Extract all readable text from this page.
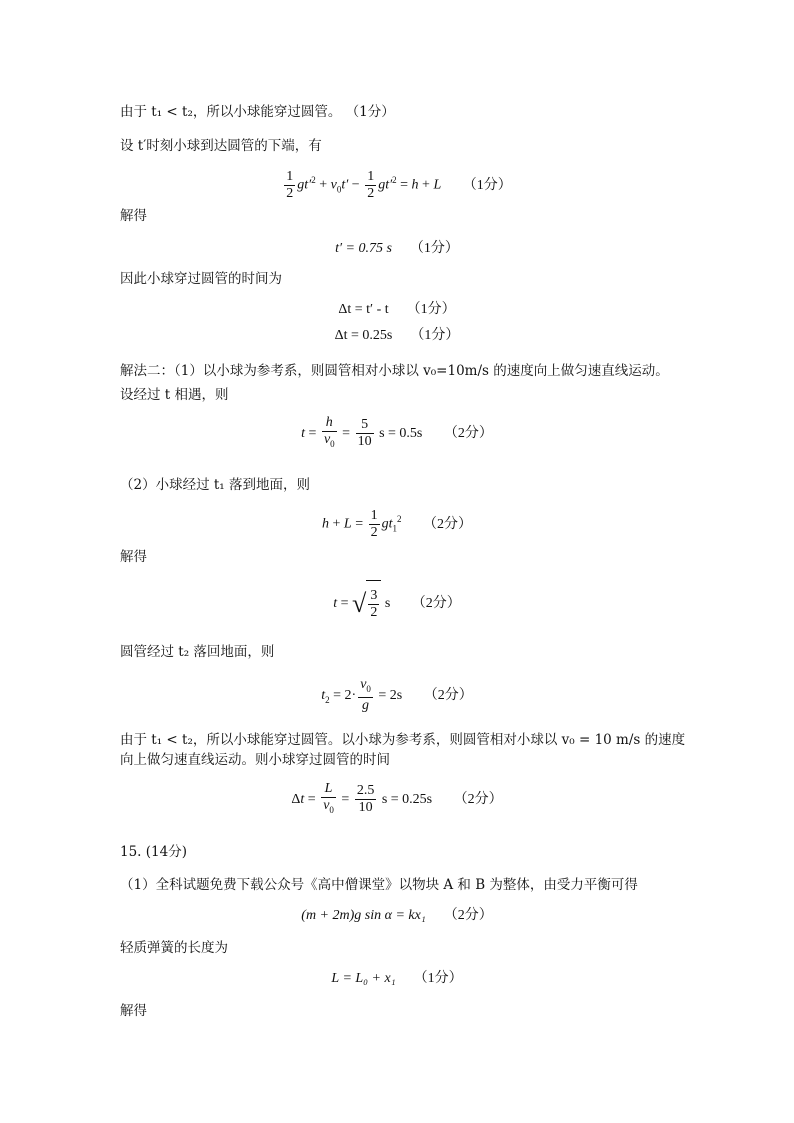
由于 t₁ < t₂，所以小球能穿过圆管。 （1分）
设 t′时刻小球到达圆管的下端，有
$\frac{1}{2} gt'^2 + v_0t' - \frac{1}{2} gt'^2 = h + L$ （1分）
解得
t′ = 0.75 s （1分）
因此小球穿过圆管的时间为
Δt = t′ - t （1分）
Δt = 0.25s （1分）
解法二：（1）以小球为参考系，则圆管相对小球以 v₀=10m/s 的速度向上做匀速直线运动。
设经过 t 相遇，则
$t = \frac{h}{v_0} = \frac{5}{10}$ s = 0.5s （2分）
（2）小球经过 t₁ 落到地面，则
$h + L = \frac{1}{2} gt_1^2$ （2分）
解得
t = √ $\frac{3}{2}$ s （2分）
圆管经过 t₂ 落回地面，则
$t_2 = 2\cdot \frac{v_0}{g} = 2s$ （2分）
由于 t₁ < t₂，所以小球能穿过圆管。以小球为参考系，则圆管相对小球以 v₀ = 10 m/s 的速度
向上做匀速直线运动。则小球穿过圆管的时间
$\Delta t = \frac{L}{v_0} = \frac{2.5}{10}$ s = 0.25s （2分）
15. (14分)
（1）全科试题免费下载公众号《高中僧课堂》以物块 A 和 B 为整体，由受力平衡可得
(m + 2m)g sin α = kx₁ （2分）
轻质弹簧的长度为
L = L₀ + x₁ （1分）
解得
